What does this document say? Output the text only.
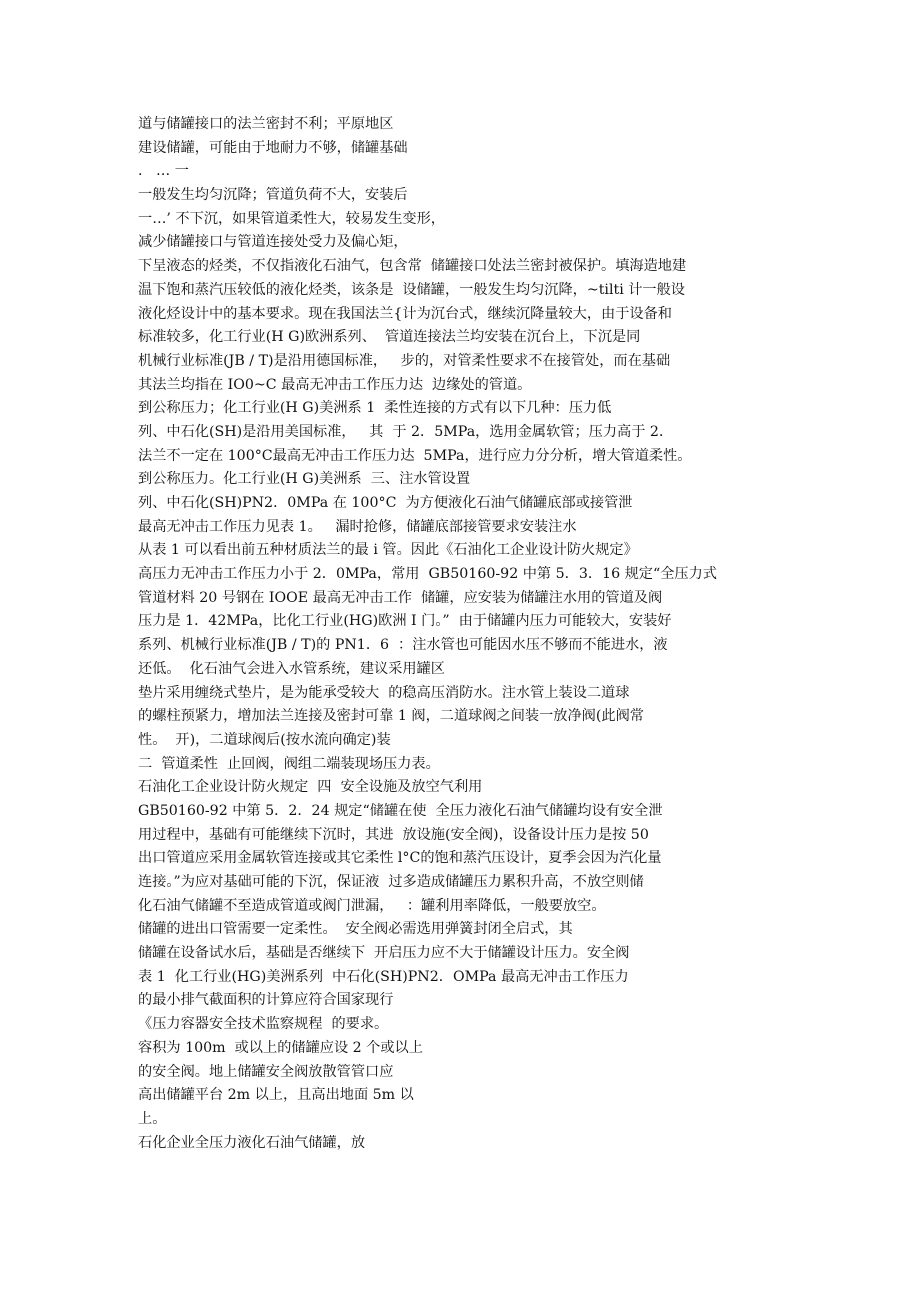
道与储罐接口的法兰密封不利；平原地区
建设储罐，可能由于地耐力不够，储罐基础
.   … 一
一般发生均匀沉降；管道负荷不大，安装后
一…’ 不下沉，如果管道柔性大，较易发生变形，
减少储罐接口与管道连接处受力及偏心矩，
下呈液态的烃类，不仅指液化石油气，包含常  储罐接口处法兰密封被保护。填海造地建
温下饱和蒸汽压较低的液化烃类，该条是  设储罐，一般发生均匀沉降，~tilti 计一般设
液化烃设计中的基本要求。现在我国法兰{计为沉台式，继续沉降量较大，由于设备和
标准较多，化工行业(H G)欧洲系列、  管道连接法兰均安装在沉台上，下沉是同
机械行业标准(JB / T)是沿用德国标准，   步的，对管柔性要求不在接管处，而在基础
其法兰均指在 IO0~C 最高无冲击工作压力达  边缘处的管道。
到公称压力；化工行业(H G)美洲系 1  柔性连接的方式有以下几种：压力低
列、中石化(SH)是沿用美国标准，   其  于 2．5MPa，选用金属软管；压力高于 2．
法兰不一定在 100°C最高无冲击工作压力达  5MPa，进行应力分分析，增大管道柔性。
到公称压力。化工行业(H G)美洲系  三、注水管设置
列、中石化(SH)PN2．0MPa 在 100°C  为方便液化石油气储罐底部或接管泄
最高无冲击工作压力见表 1。   漏时抢修，储罐底部接管要求安装注水
从表 1 可以看出前五种材质法兰的最 i 管。因此《石油化工企业设计防火规定》
高压力无冲击工作压力小于 2．0MPa，常用  GB50160-92 中第 5．3．16 规定“全压力式
管道材料 20 号钢在 IOOE 最高无冲击工作  储罐，应安装为储罐注水用的管道及阀
压力是 1．42MPa，比化工行业(HG)欧洲 I 门。”  由于储罐内压力可能较大，安装好
系列、机械行业标准(JB / T)的 PN1．6  ：注水管也可能因水压不够而不能进水，液
还低。  化石油气会进入水管系统，建议采用罐区
垫片采用缠绕式垫片，是为能承受较大  的稳高压消防水。注水管上装设二道球
的螺柱预紧力，增加法兰连接及密封可靠 1 阀，二道球阀之间装一放净阀(此阀常
性。  开)，二道球阀后(按水流向确定)装
二  管道柔性  止回阀，阀组二端装现场压力表。
石油化工企业设计防火规定  四  安全设施及放空气利用
GB50160-92 中第 5．2．24 规定“储罐在使  全压力液化石油气储罐均设有安全泄
用过程中，基础有可能继续下沉时，其进  放设施(安全阀)，设备设计压力是按 50
出口管道应采用金属软管连接或其它柔性 l°C的饱和蒸汽压设计，夏季会因为汽化量
连接。”为应对基础可能的下沉，保证液  过多造成储罐压力累积升高，不放空则储
化石油气储罐不至造成管道或阀门泄漏，   ：罐利用率降低，一般要放空。
储罐的进出口管需要一定柔性。  安全阀必需选用弹簧封闭全启式，其
储罐在设备试水后，基础是否继续下  开启压力应不大于储罐设计压力。安全阀
表 1  化工行业(HG)美洲系列  中石化(SH)PN2．OMPa 最高无冲击工作压力
的最小排气截面积的计算应符合国家现行
《压力容器安全技术监察规程  的要求。
容积为 100m  或以上的储罐应设 2 个或以上
的安全阀。地上储罐安全阀放散管管口应
高出储罐平台 2m 以上，且高出地面 5m 以
上。
石化企业全压力液化石油气储罐，放
